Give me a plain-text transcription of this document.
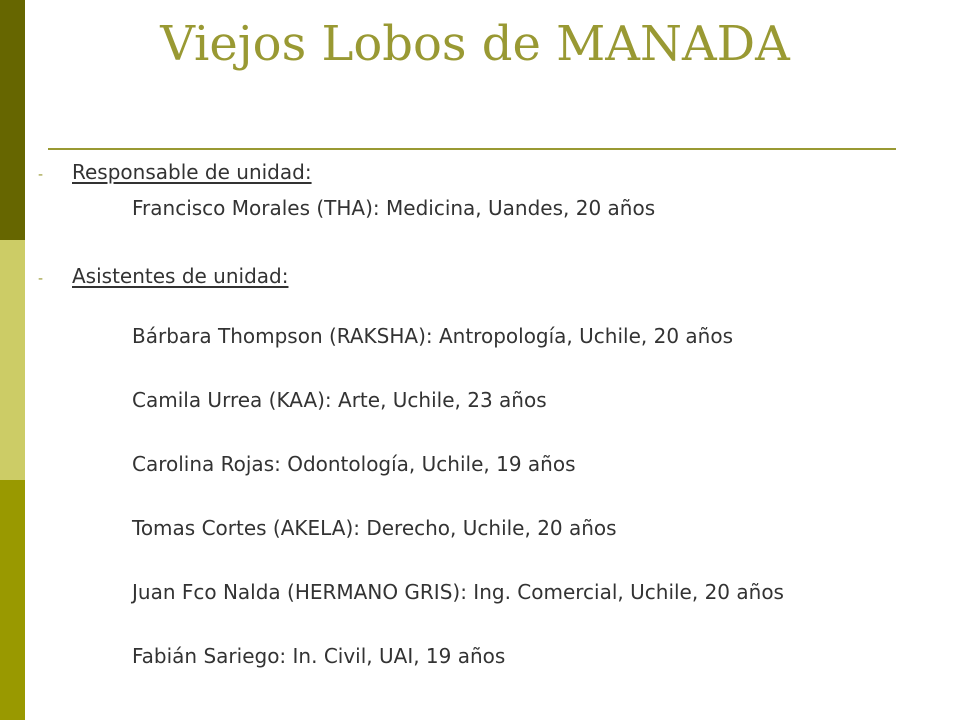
Viejos Lobos de MANADA
-	Responsable de unidad:
Francisco Morales (THA): Medicina, Uandes, 20 años
-	Asistentes de unidad:
Bárbara Thompson (RAKSHA): Antropología, Uchile, 20 años
Camila Urrea (KAA): Arte, Uchile, 23 años
Carolina Rojas: Odontología, Uchile, 19 años
Tomas Cortes (AKELA): Derecho, Uchile, 20 años
Juan Fco Nalda (HERMANO GRIS): Ing. Comercial, Uchile, 20 años
Fabián Sariego: In. Civil, UAI, 19 años
